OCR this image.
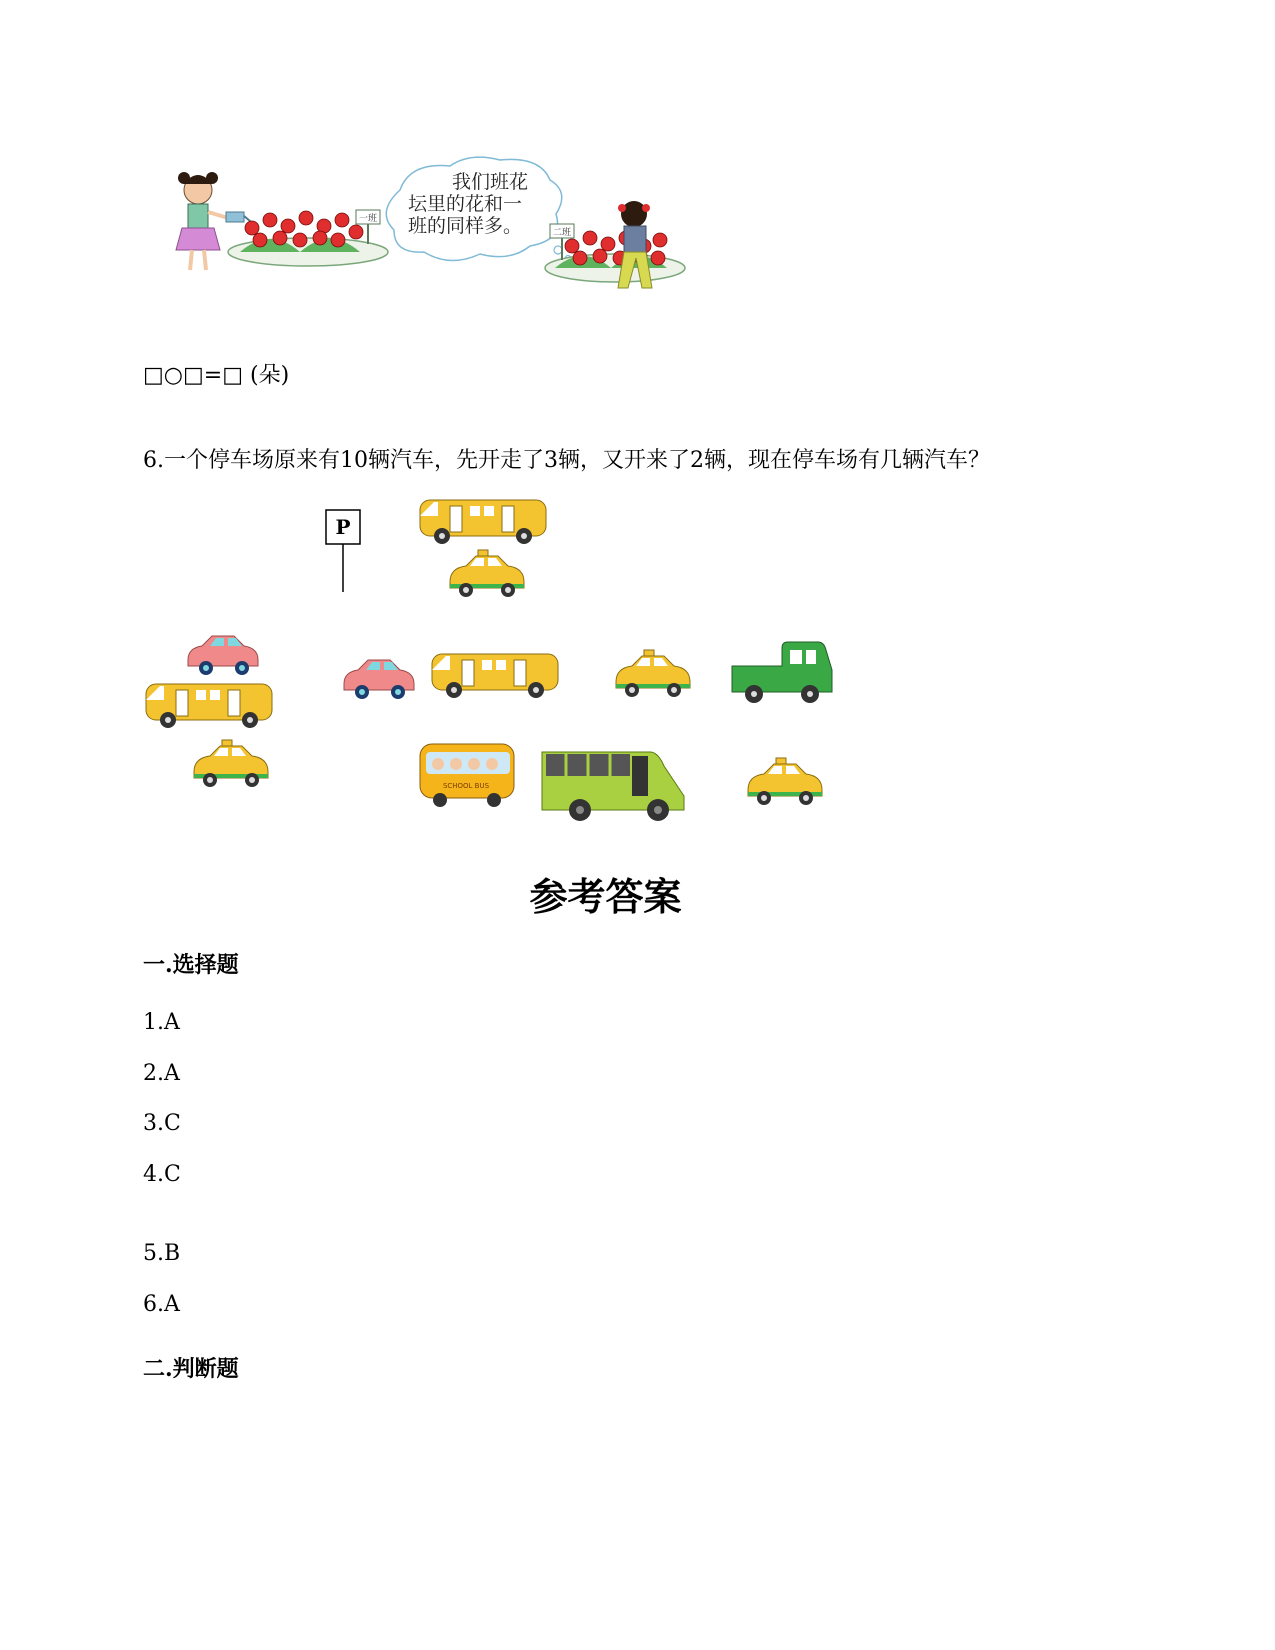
一班
我们班花
坛里的花和一
班的同样多。	二班
□○□=□ (朵)
6.一个停车场原来有10辆汽车，先开走了3辆，又开来了2辆，现在停车场有几辆汽车？
P
SCHOOL BUS
参考答案
一.选择题
1.A
2.A
3.C
4.C
5.B
6.A
二.判断题
